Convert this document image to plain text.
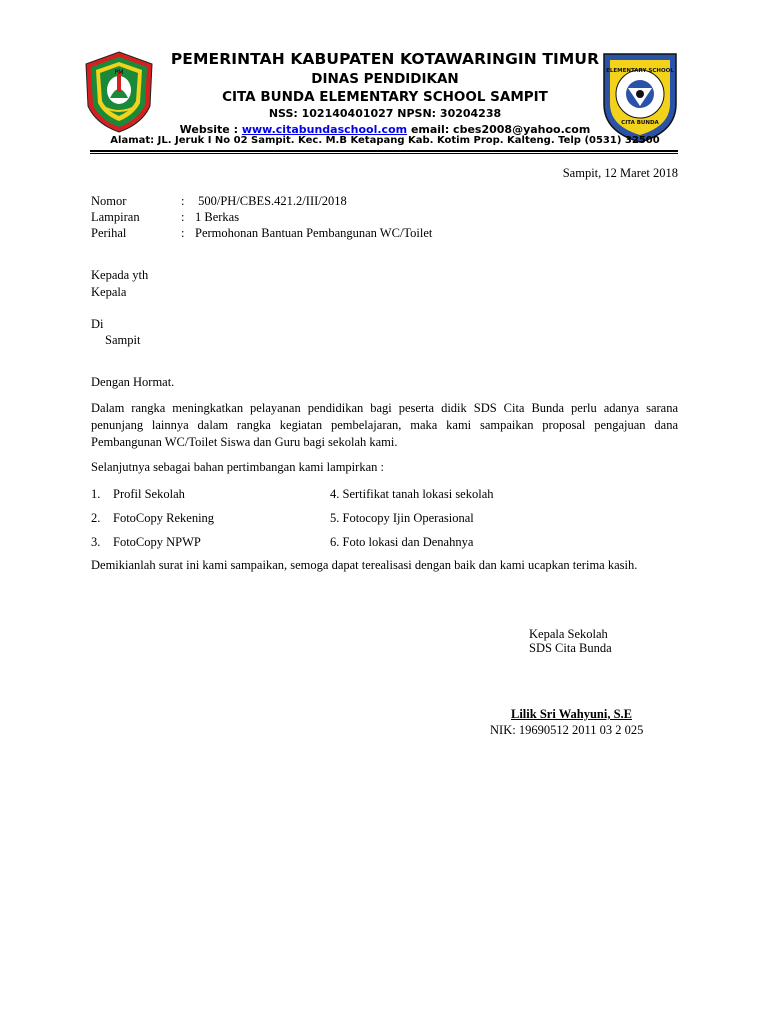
PM	ELEMENTARY SCHOOL
CITA BUNDA
PEMERINTAH KABUPATEN KOTAWARINGIN TIMUR
DINAS PENDIDIKAN
CITA BUNDA ELEMENTARY SCHOOL SAMPIT
NSS: 102140401027 NPSN: 30204238
Website : www.citabundaschool.com email: cbes2008@yahoo.com
Alamat: JL. Jeruk I No 02 Sampit. Kec. M.B Ketapang Kab. Kotim Prop. Kalteng. Telp (0531) 32500
Sampit, 12 Maret 2018
Nomor	: 500/PH/CBES.421.2/III/2018
Lampiran	: 1 Berkas
Perihal	: Permohonan Bantuan Pembangunan WC/Toilet
Kepada yth
Kepala
Di
Sampit
Dengan Hormat.
Dalam rangka meningkatkan pelayanan pendidikan bagi peserta didik SDS Cita Bunda perlu adanya sarana penunjang lainnya dalam rangka kegiatan pembelajaran, maka kami sampaikan proposal pengajuan dana Pembangunan WC/Toilet Siswa dan Guru bagi sekolah kami.
Selanjutnya sebagai bahan pertimbangan kami lampirkan :
1. Profil Sekolah
2. FotoCopy Rekening
3. FotoCopy NPWP
4. Sertifikat tanah lokasi sekolah
5. Fotocopy Ijin Operasional
6. Foto lokasi dan Denahnya
Demikianlah surat ini kami sampaikan, semoga dapat terealisasi dengan baik dan kami ucapkan terima kasih.
Kepala Sekolah
SDS Cita Bunda
Lilik Sri Wahyuni, S.E
NIK: 19690512 2011 03 2 025
